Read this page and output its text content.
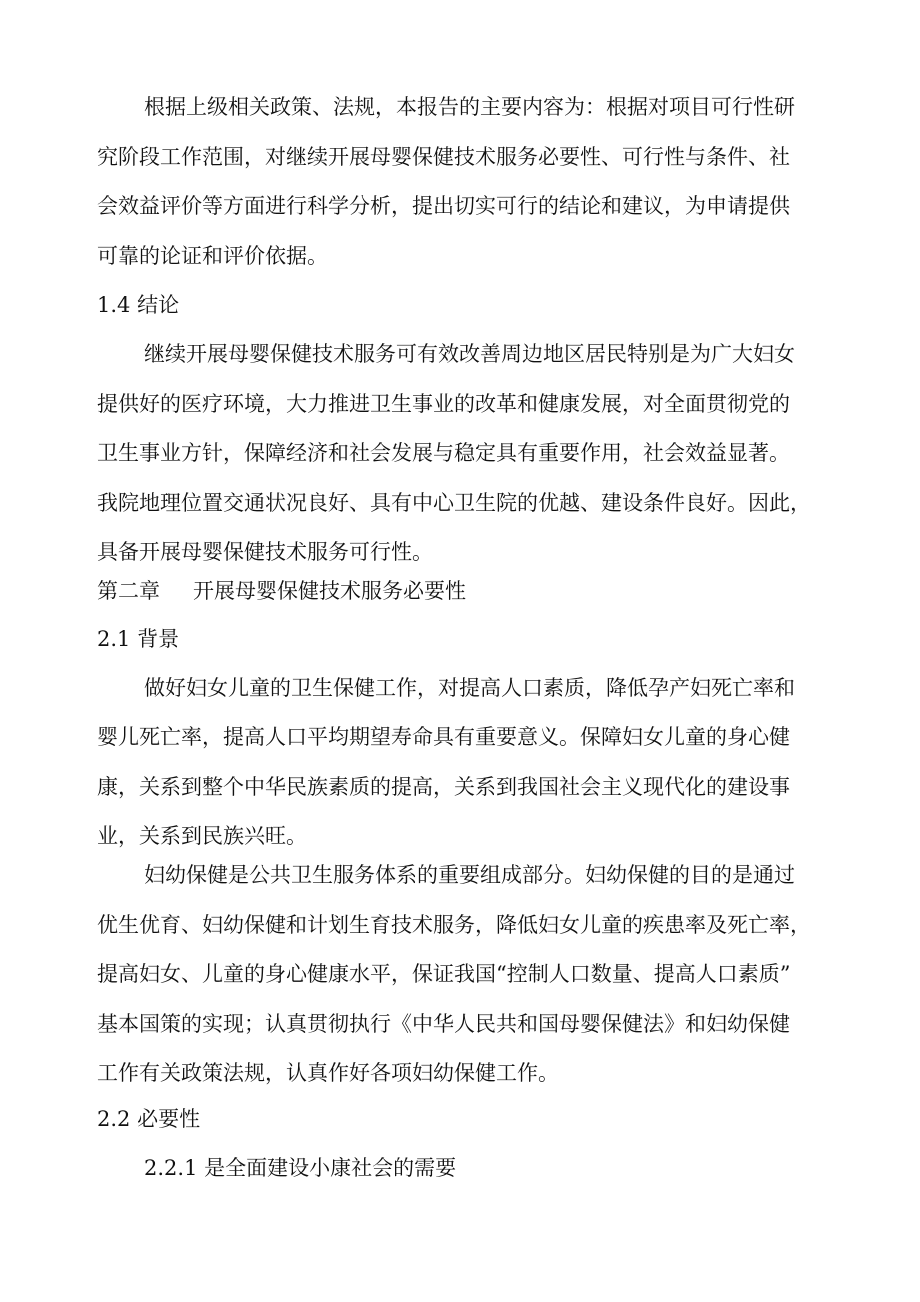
根据上级相关政策、法规，本报告的主要内容为：根据对项目可行性研

究阶段工作范围，对继续开展母婴保健技术服务必要性、可行性与条件、社

会效益评价等方面进行科学分析，提出切实可行的结论和建议，为申请提供

可靠的论证和评价依据。

1.4 结论

继续开展母婴保健技术服务可有效改善周边地区居民特别是为广大妇女

提供好的医疗环境，大力推进卫生事业的改革和健康发展，对全面贯彻党的

卫生事业方针，保障经济和社会发展与稳定具有重要作用，社会效益显著。

我院地理位置交通状况良好、具有中心卫生院的优越、建设条件良好。因此，

具备开展母婴保健技术服务可行性。

第二章 开展母婴保健技术服务必要性

2.1 背景

做好妇女儿童的卫生保健工作，对提高人口素质，降低孕产妇死亡率和

婴儿死亡率，提高人口平均期望寿命具有重要意义。保障妇女儿童的身心健

康，关系到整个中华民族素质的提高，关系到我国社会主义现代化的建设事

业，关系到民族兴旺。

妇幼保健是公共卫生服务体系的重要组成部分。妇幼保健的目的是通过

优生优育、妇幼保健和计划生育技术服务，降低妇女儿童的疾患率及死亡率，

提高妇女、儿童的身心健康水平，保证我国“控制人口数量、提高人口素质”

基本国策的实现；认真贯彻执行《中华人民共和国母婴保健法》和妇幼保健

工作有关政策法规，认真作好各项妇幼保健工作。

2.2 必要性

2.2.1 是全面建设小康社会的需要
